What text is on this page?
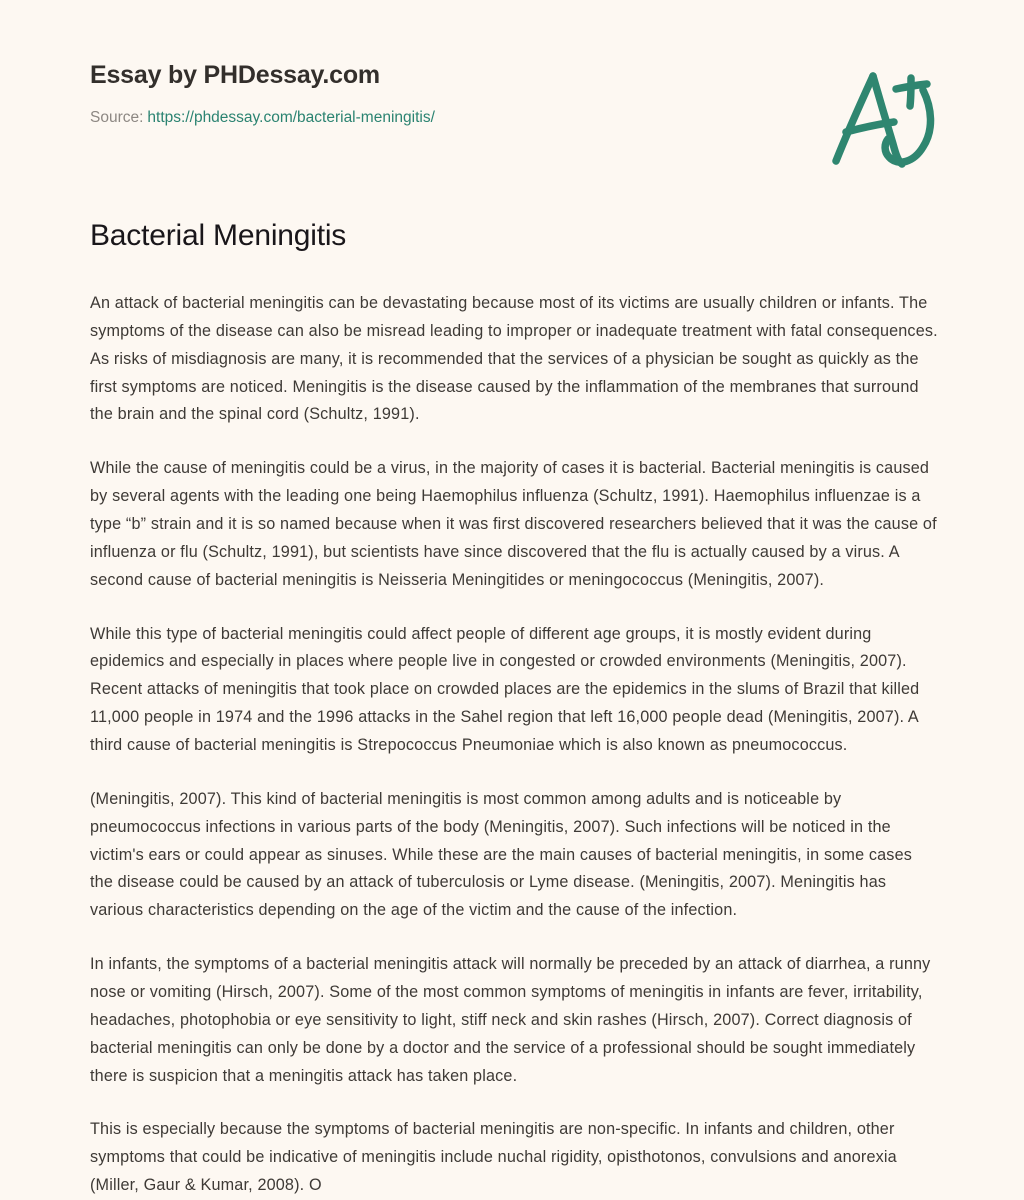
Essay by PHDessay.com
Source: https://phdessay.com/bacterial-meningitis/
Bacterial Meningitis

An attack of bacterial meningitis can be devastating because most of its victims are usually children or infants. The symptoms of the disease can also be misread leading to improper or inadequate treatment with fatal consequences. As risks of misdiagnosis are many, it is recommended that the services of a physician be sought as quickly as the first symptoms are noticed. Meningitis is the disease caused by the inflammation of the membranes that surround the brain and the spinal cord (Schultz, 1991).

While the cause of meningitis could be a virus, in the majority of cases it is bacterial. Bacterial meningitis is caused by several agents with the leading one being Haemophilus influenza (Schultz, 1991). Haemophilus influenzae is a type “b” strain and it is so named because when it was first discovered researchers believed that it was the cause of influenza or flu (Schultz, 1991), but scientists have since discovered that the flu is actually caused by a virus. A second cause of bacterial meningitis is Neisseria Meningitides or meningococcus (Meningitis, 2007).

While this type of bacterial meningitis could affect people of different age groups, it is mostly evident during epidemics and especially in places where people live in congested or crowded environments (Meningitis, 2007). Recent attacks of meningitis that took place on crowded places are the epidemics in the slums of Brazil that killed 11,000 people in 1974 and the 1996 attacks in the Sahel region that left 16,000 people dead (Meningitis, 2007). A third cause of bacterial meningitis is Strepococcus Pneumoniae which is also known as pneumococcus.

(Meningitis, 2007). This kind of bacterial meningitis is most common among adults and is noticeable by pneumococcus infections in various parts of the body (Meningitis, 2007). Such infections will be noticed in the victim's ears or could appear as sinuses. While these are the main causes of bacterial meningitis, in some cases the disease could be caused by an attack of tuberculosis or Lyme disease. (Meningitis, 2007). Meningitis has various characteristics depending on the age of the victim and the cause of the infection.

In infants, the symptoms of a bacterial meningitis attack will normally be preceded by an attack of diarrhea, a runny nose or vomiting (Hirsch, 2007). Some of the most common symptoms of meningitis in infants are fever, irritability, headaches, photophobia or eye sensitivity to light, stiff neck and skin rashes (Hirsch, 2007). Correct diagnosis of bacterial meningitis can only be done by a doctor and the service of a professional should be sought immediately there is suspicion that a meningitis attack has taken place.

This is especially because the symptoms of bacterial meningitis are non-specific. In infants and children, other symptoms that could be indicative of meningitis include nuchal rigidity, opisthotonos, convulsions and anorexia (Miller, Gaur & Kumar, 2008). O
